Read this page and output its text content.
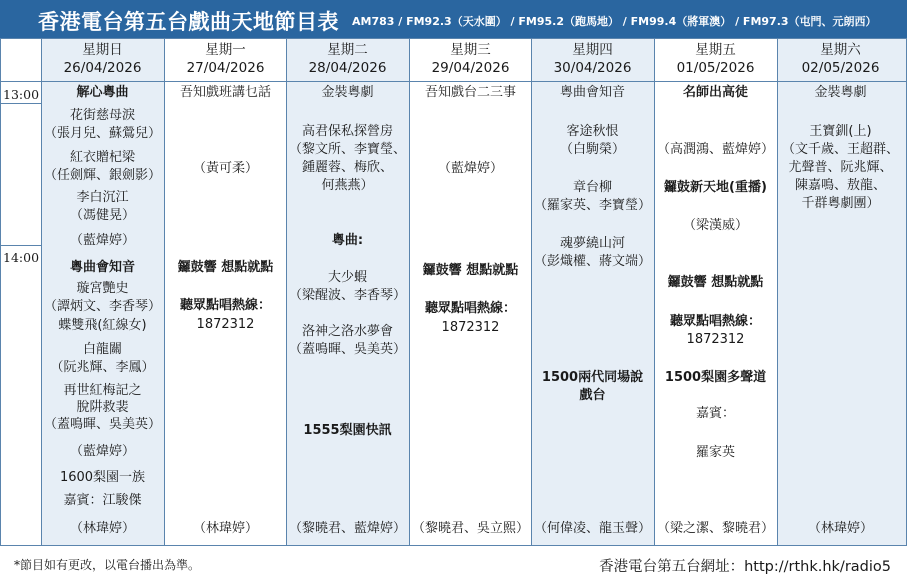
香港電台第五台戲曲天地節目表 AM783 / FM92.3（天水圍） / FM95.2（跑馬地） / FM99.4（將軍澳） / FM97.3（屯門、元朗西）
13:00
14:00
星期日
26/04/2026
星期一
27/04/2026
星期二
28/04/2026
星期三
29/04/2026
星期四
30/04/2026
星期五
01/05/2026
星期六
02/05/2026
解心粵曲
花街慈母淚
（張月兒、蘇鶯兒）
紅衣贈杞梁
（任劍輝、銀劍影）
李白沉江
（馮健晃）
（藍煒婷）
粵曲會知音
璇宮艷史
（譚炳文、李香琴）
蝶雙飛(紅線女)
白龍關
（阮兆輝、李鳳）
再世紅梅記之
脫阱救裴
（蓋鳴暉、吳美英）
（藍煒婷）
1600梨園一族
嘉賓：江駿傑
（林瑋婷）
吾知戲班講乜話
（黃可柔）
鑼鼓響 想點就點
聽眾點唱熱線：
1872312
（林瑋婷）
金裝粵劇
高君保私探營房
（黎文所、李寶瑩、
鍾麗蓉、梅欣、
何燕燕）
粵曲:
大少蝦
（梁醒波、李香琴）
洛神之洛水夢會
（蓋鳴暉、吳美英）
1555梨園快訊
（黎曉君、藍煒婷）
吾知戲台二三事
（藍煒婷）
鑼鼓響 想點就點
聽眾點唱熱線：
1872312
（黎曉君、吳立熙）
粵曲會知音
客途秋恨
（白駒榮）
章台柳
（羅家英、李寶瑩）
魂夢繞山河
（彭熾權、蔣文端）
1500兩代同場說
戲台
（何偉凌、龍玉聲）
名師出高徒
（高潤鴻、藍煒婷）
鑼鼓新天地(重播)
（梁漢威）
鑼鼓響 想點就點
聽眾點唱熱線：
1872312
1500梨園多聲道
嘉賓：
羅家英
（梁之潔、黎曉君）
金裝粵劇
王寶釧(上)
（文千歲、王超群、
尤聲普、阮兆輝、
陳嘉鳴、敖龍、
千群粵劇團）
（林瑋婷）
*節目如有更改，以電台播出為準。	香港電台第五台網址：http://rthk.hk/radio5
